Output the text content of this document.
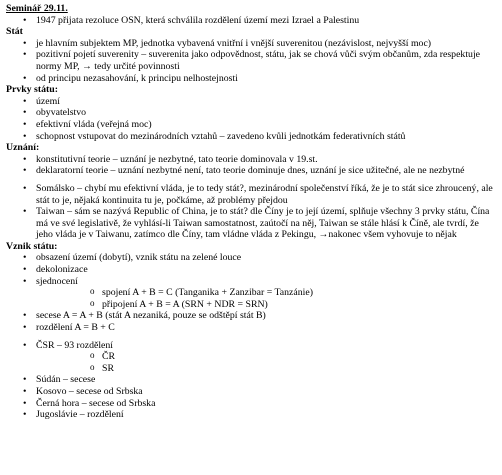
Seminář 29.11.
• 1947 přijata rezoluce OSN, která schválila rozdělení území mezi Izrael a Palestinu
Stát
• je hlavním subjektem MP, jednotka vybavená vnitřní i vnější suverenitou (nezávislost, nejvyšší moc)
• pozitivní pojetí suverenity – suverenita jako odpovědnost, státu, jak se chová vůči svým občanům, zda respektuje normy MP, → tedy určité povinnosti
• od principu nezasahování, k principu nelhostejnosti
Prvky státu:
• území
• obyvatelstvo
• efektivní vláda (veřejná moc)
• schopnost vstupovat do mezinárodních vztahů – zavedeno kvůli jednotkám federativních států
Uznání:
• konstitutivní teorie – uznání je nezbytné, tato teorie dominovala v 19.st.
• deklaratorní teorie – uznání nezbytné není, tato teorie dominuje dnes, uznání je sice užitečné, ale ne nezbytné
• Somálsko – chybí mu efektivní vláda, je to tedy stát?, mezinárodní společenství říká, že je to stát sice zhroucený, ale stát to je, nějaká kontinuita tu je, počkáme, až problémy přejdou
• Taiwan – sám se nazývá Republic of China, je to stát? dle Číny je to její území, splňuje všechny 3 prvky státu, Čína má ve své legislativě, že vyhlásí-li Taiwan samostatnost, zaútočí na něj, Taiwan se stále hlásí k Číně, ale tvrdí, že jeho vláda je v Taiwanu, zatímco dle Číny, tam vládne vláda z Pekingu, →nakonec všem vyhovuje to nějak
Vznik státu:
• obsazení území (dobytí), vznik státu na zelené louce
• dekolonizace
• sjednocení
o spojení A + B = C (Tanganika + Zanzibar = Tanzánie)
o připojení A + B = A (SRN + NDR = SRN)
• secese A = A + B (stát A nezaniká, pouze se odštěpí stát B)
• rozdělení A = B + C
• ČSR – 93 rozdělení
o ČR
o SR
• Súdán – secese
• Kosovo – secese od Srbska
• Černá hora – secese od Srbska
• Jugoslávie – rozdělení
